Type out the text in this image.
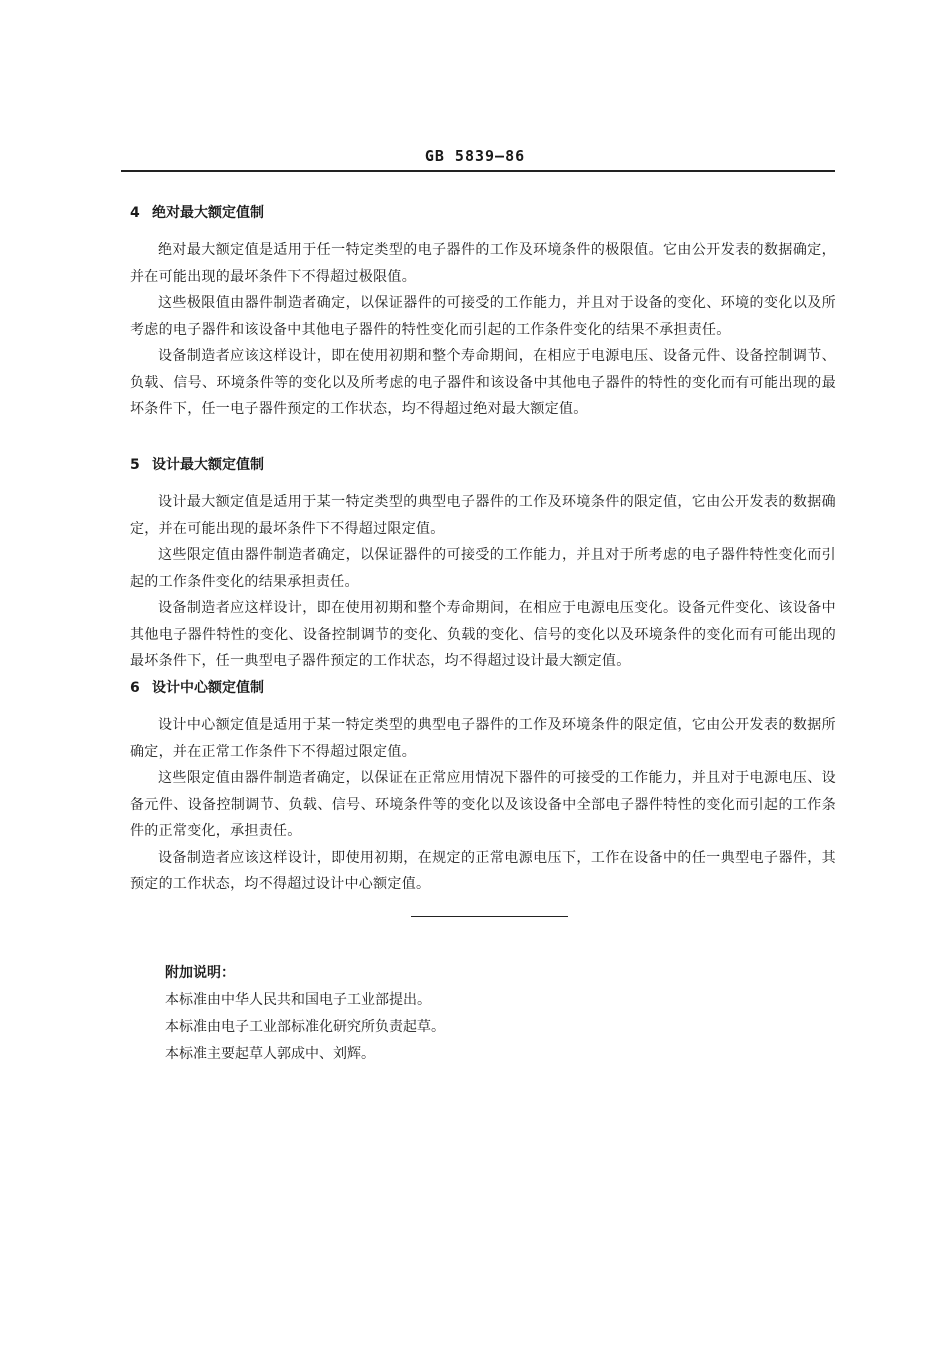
GB 5839—86

4 绝对最大额定值制

绝对最大额定值是适用于任一特定类型的电子器件的工作及环境条件的极限值。它由公开发表的数据确定，并在可能出现的最坏条件下不得超过极限值。

这些极限值由器件制造者确定，以保证器件的可接受的工作能力，并且对于设备的变化、环境的变化以及所考虑的电子器件和该设备中其他电子器件的特性变化而引起的工作条件变化的结果不承担责任。

设备制造者应该这样设计，即在使用初期和整个寿命期间，在相应于电源电压、设备元件、设备控制调节、负载、信号、环境条件等的变化以及所考虑的电子器件和该设备中其他电子器件的特性的变化而有可能出现的最坏条件下，任一电子器件预定的工作状态，均不得超过绝对最大额定值。

5 设计最大额定值制

设计最大额定值是适用于某一特定类型的典型电子器件的工作及环境条件的限定值，它由公开发表的数据确定，并在可能出现的最坏条件下不得超过限定值。

这些限定值由器件制造者确定，以保证器件的可接受的工作能力，并且对于所考虑的电子器件特性变化而引起的工作条件变化的结果承担责任。

设备制造者应这样设计，即在使用初期和整个寿命期间，在相应于电源电压变化。设备元件变化、该设备中其他电子器件特性的变化、设备控制调节的变化、负载的变化、信号的变化以及环境条件的变化而有可能出现的最坏条件下，任一典型电子器件预定的工作状态，均不得超过设计最大额定值。

6 设计中心额定值制

设计中心额定值是适用于某一特定类型的典型电子器件的工作及环境条件的限定值，它由公开发表的数据所确定，并在正常工作条件下不得超过限定值。

这些限定值由器件制造者确定，以保证在正常应用情况下器件的可接受的工作能力，并且对于电源电压、设备元件、设备控制调节、负载、信号、环境条件等的变化以及该设备中全部电子器件特性的变化而引起的工作条件的正常变化，承担责任。

设备制造者应该这样设计，即使用初期，在规定的正常电源电压下，工作在设备中的任一典型电子器件，其预定的工作状态，均不得超过设计中心额定值。

附加说明：

本标准由中华人民共和国电子工业部提出。

本标准由电子工业部标准化研究所负责起草。

本标准主要起草人郭成中、刘辉。
